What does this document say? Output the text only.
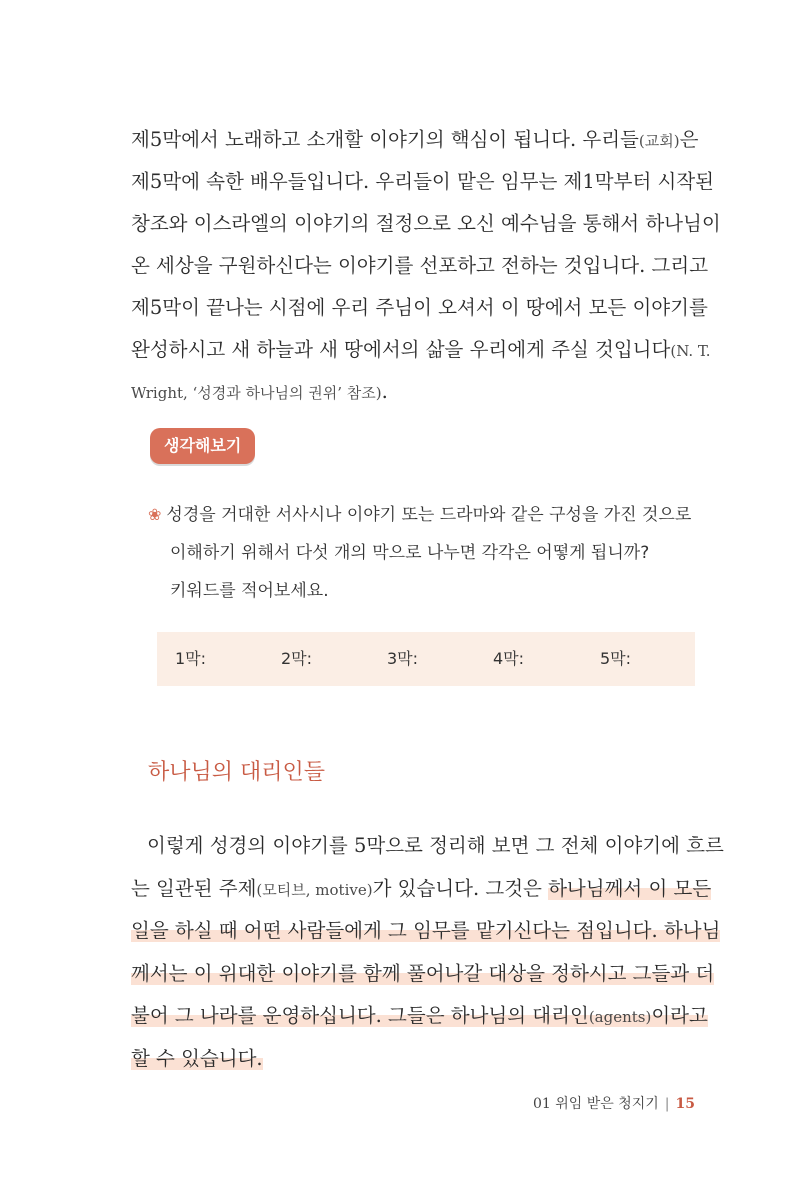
제5막에서 노래하고 소개할 이야기의 핵심이 됩니다. 우리들(교회)은
제5막에 속한 배우들입니다. 우리들이 맡은 임무는 제1막부터 시작된
창조와 이스라엘의 이야기의 절정으로 오신 예수님을 통해서 하나님이
온 세상을 구원하신다는 이야기를 선포하고 전하는 것입니다. 그리고
제5막이 끝나는 시점에 우리 주님이 오셔서 이 땅에서 모든 이야기를
완성하시고 새 하늘과 새 땅에서의 삶을 우리에게 주실 것입니다(N. T.
Wright, ‘성경과 하나님의 권위’ 참조).
생각해보기
❀ 성경을 거대한 서사시나 이야기 또는 드라마와 같은 구성을 가진 것으로
이해하기 위해서 다섯 개의 막으로 나누면 각각은 어떻게 됩니까?
키워드를 적어보세요.
1막:	2막:	3막:	4막:	5막:
하나님의 대리인들
이렇게 성경의 이야기를 5막으로 정리해 보면 그 전체 이야기에 흐르
는 일관된 주제(모티브, motive)가 있습니다. 그것은 하나님께서 이 모든
일을 하실 때 어떤 사람들에게 그 임무를 맡기신다는 점입니다. 하나님
께서는 이 위대한 이야기를 함께 풀어나갈 대상을 정하시고 그들과 더
불어 그 나라를 운영하십니다. 그들은 하나님의 대리인(agents)이라고
할 수 있습니다.
01 위임 받은 청지기 | 15
